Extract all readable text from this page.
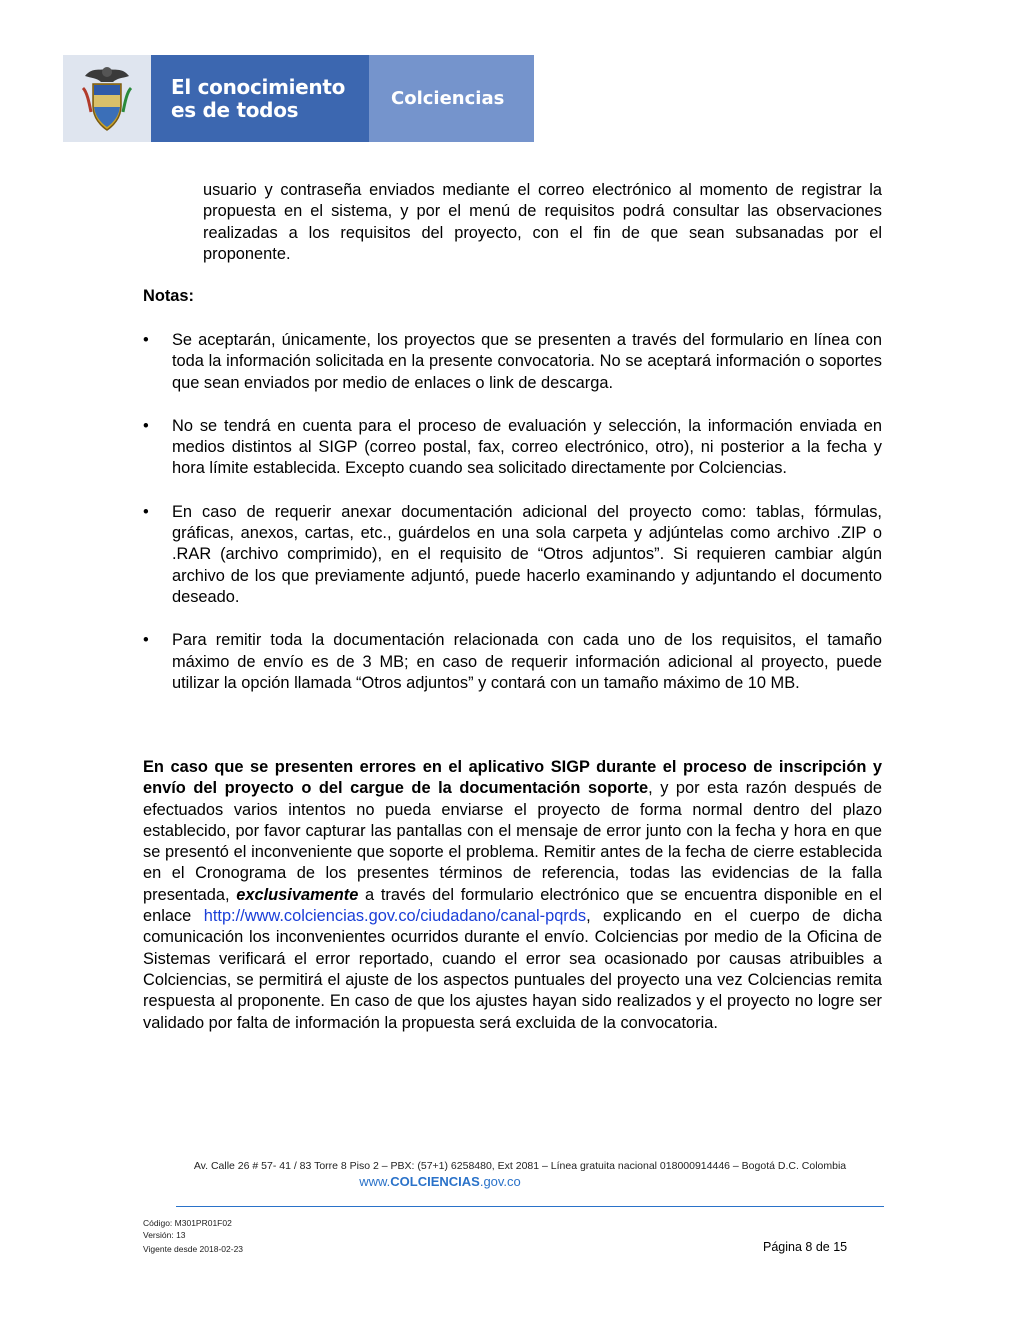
El conocimiento
es de todos	Colciencias

usuario y contraseña enviados mediante el correo electrónico al momento de registrar la propuesta en el sistema, y por el menú de requisitos podrá consultar las observaciones realizadas a los requisitos del proyecto, con el fin de que sean subsanadas por el proponente.

Notas:

•	Se aceptarán, únicamente, los proyectos que se presenten a través del formulario en línea con toda la información solicitada en la presente convocatoria. No se aceptará información o soportes que sean enviados por medio de enlaces o link de descarga.

•	No se tendrá en cuenta para el proceso de evaluación y selección, la información enviada en medios distintos al SIGP (correo postal, fax, correo electrónico, otro), ni posterior a la fecha y hora límite establecida. Excepto cuando sea solicitado directamente por Colciencias.

•	En caso de requerir anexar documentación adicional del proyecto como: tablas, fórmulas, gráficas, anexos, cartas, etc., guárdelos en una sola carpeta y adjúntelas como archivo .ZIP o .RAR (archivo comprimido), en el requisito de “Otros adjuntos”. Si requieren cambiar algún archivo de los que previamente adjuntó, puede hacerlo examinando y adjuntando el documento deseado.

•	Para remitir toda la documentación relacionada con cada uno de los requisitos, el tamaño máximo de envío es de 3 MB; en caso de requerir información adicional al proyecto, puede utilizar la opción llamada “Otros adjuntos” y contará con un tamaño máximo de 10 MB.

En caso que se presenten errores en el aplicativo SIGP durante el proceso de inscripción y envío del proyecto o del cargue de la documentación soporte, y por esta razón después de efectuados varios intentos no pueda enviarse el proyecto de forma normal dentro del plazo establecido, por favor capturar las pantallas con el mensaje de error junto con la fecha y hora en que se presentó el inconveniente que soporte el problema. Remitir antes de la fecha de cierre establecida en el Cronograma de los presentes términos de referencia, todas las evidencias de la falla presentada, exclusivamente a través del formulario electrónico que se encuentra disponible en el enlace http://www.colciencias.gov.co/ciudadano/canal-pqrds, explicando en el cuerpo de dicha comunicación los inconvenientes ocurridos durante el envío. Colciencias por medio de la Oficina de Sistemas verificará el error reportado, cuando el error sea ocasionado por causas atribuibles a Colciencias, se permitirá el ajuste de los aspectos puntuales del proyecto una vez Colciencias remita respuesta al proponente. En caso de que los ajustes hayan sido realizados y el proyecto no logre ser validado por falta de información la propuesta será excluida de la convocatoria.

Av. Calle 26 # 57- 41 / 83 Torre 8 Piso 2 – PBX: (57+1) 6258480, Ext 2081 – Línea gratuita nacional 018000914446 – Bogotá D.C. Colombia

www.COLCIENCIAS.gov.co

Código: M301PR01F02

Versión: 13

Vigente desde 2018-02-23	Página 8 de 15
